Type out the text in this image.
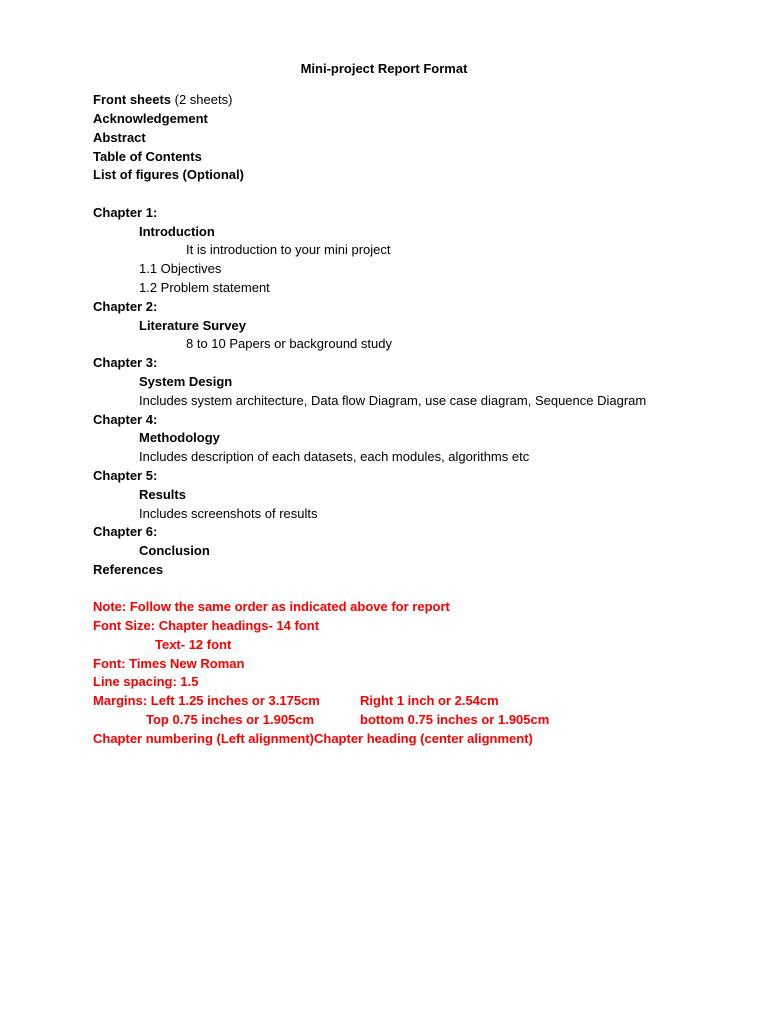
Mini-project Report Format
Front sheets (2 sheets)
Acknowledgement
Abstract
Table of Contents
List of figures (Optional)
Chapter 1:
Introduction
It is introduction to your mini project
1.1 Objectives
1.2 Problem statement
Chapter 2:
Literature Survey
8 to 10 Papers or background study
Chapter 3:
System Design
Includes system architecture, Data flow Diagram, use case diagram, Sequence Diagram
Chapter 4:
Methodology
Includes description of each datasets, each modules, algorithms etc
Chapter 5:
Results
Includes screenshots of results
Chapter 6:
Conclusion
References
Note: Follow the same order as indicated above for report
Font Size: Chapter headings- 14 font
Text- 12 font
Font: Times New Roman
Line spacing: 1.5
Margins: Left 1.25 inches or 3.175cm	Right 1 inch or 2.54cm
Top 0.75 inches or 1.905cm	bottom 0.75 inches or 1.905cm
Chapter numbering (Left alignment) Chapter heading (center alignment)
